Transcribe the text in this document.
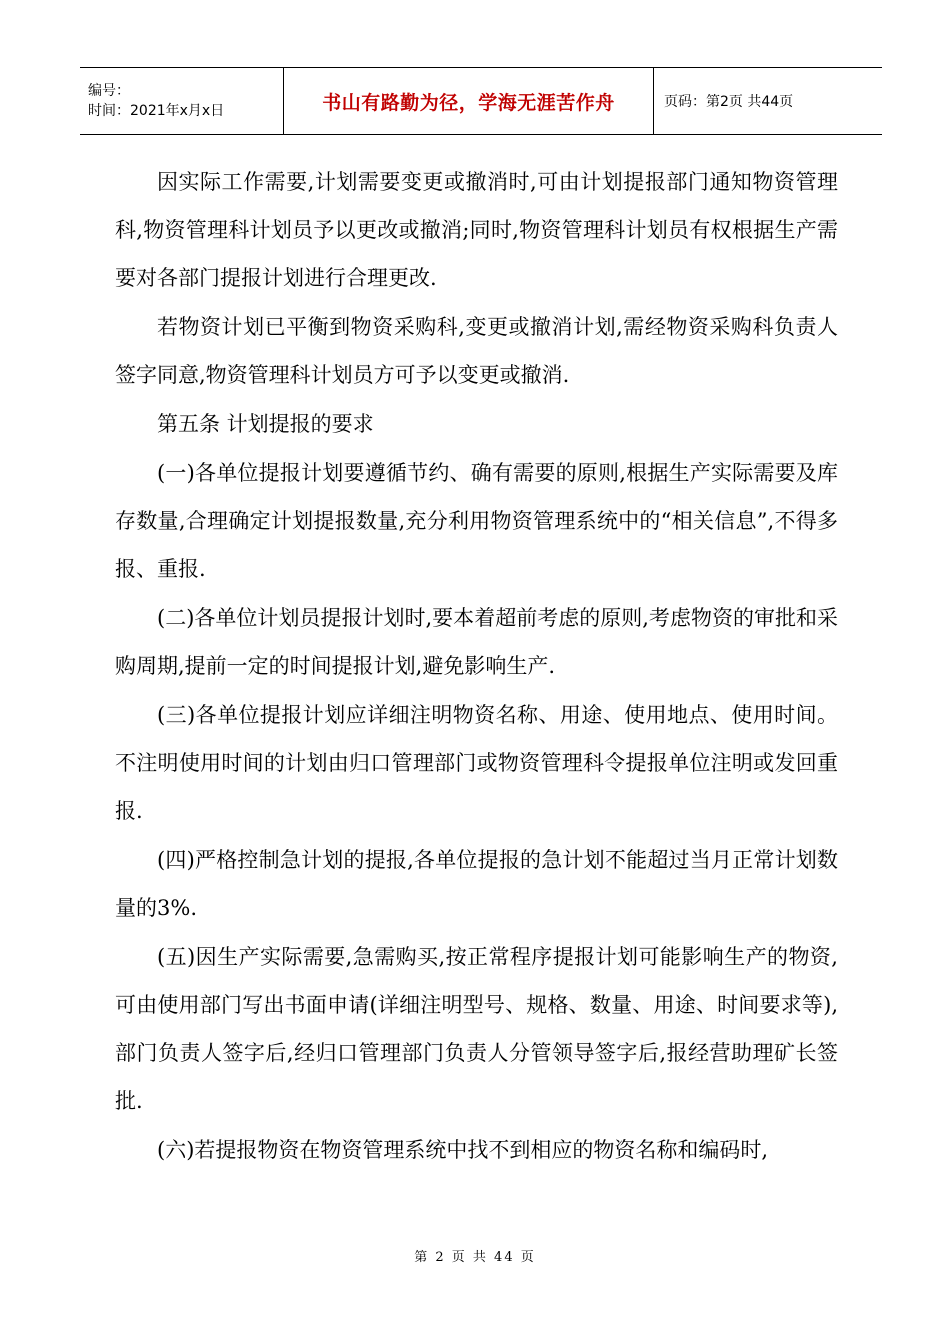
编号：
时间：2021年x月x日	书山有路勤为径，学海无涯苦作舟	页码：第2页 共44页

因实际工作需要,计划需要变更或撤消时,可由计划提报部门通知物资管理科,物资管理科计划员予以更改或撤消;同时,物资管理科计划员有权根据生产需要对各部门提报计划进行合理更改.

若物资计划已平衡到物资采购科,变更或撤消计划,需经物资采购科负责人签字同意,物资管理科计划员方可予以变更或撤消.

第五条 计划提报的要求

(一)各单位提报计划要遵循节约、确有需要的原则,根据生产实际需要及库存数量,合理确定计划提报数量,充分利用物资管理系统中的“相关信息”,不得多报、重报.

(二)各单位计划员提报计划时,要本着超前考虑的原则,考虑物资的审批和采购周期,提前一定的时间提报计划,避免影响生产.

(三)各单位提报计划应详细注明物资名称、用途、使用地点、使用时间。不注明使用时间的计划由归口管理部门或物资管理科令提报单位注明或发回重报.

(四)严格控制急计划的提报,各单位提报的急计划不能超过当月正常计划数量的3%.

(五)因生产实际需要,急需购买,按正常程序提报计划可能影响生产的物资,可由使用部门写出书面申请(详细注明型号、规格、数量、用途、时间要求等),部门负责人签字后,经归口管理部门负责人分管领导签字后,报经营助理矿长签批.

(六)若提报物资在物资管理系统中找不到相应的物资名称和编码时,

第 2 页 共 44 页
